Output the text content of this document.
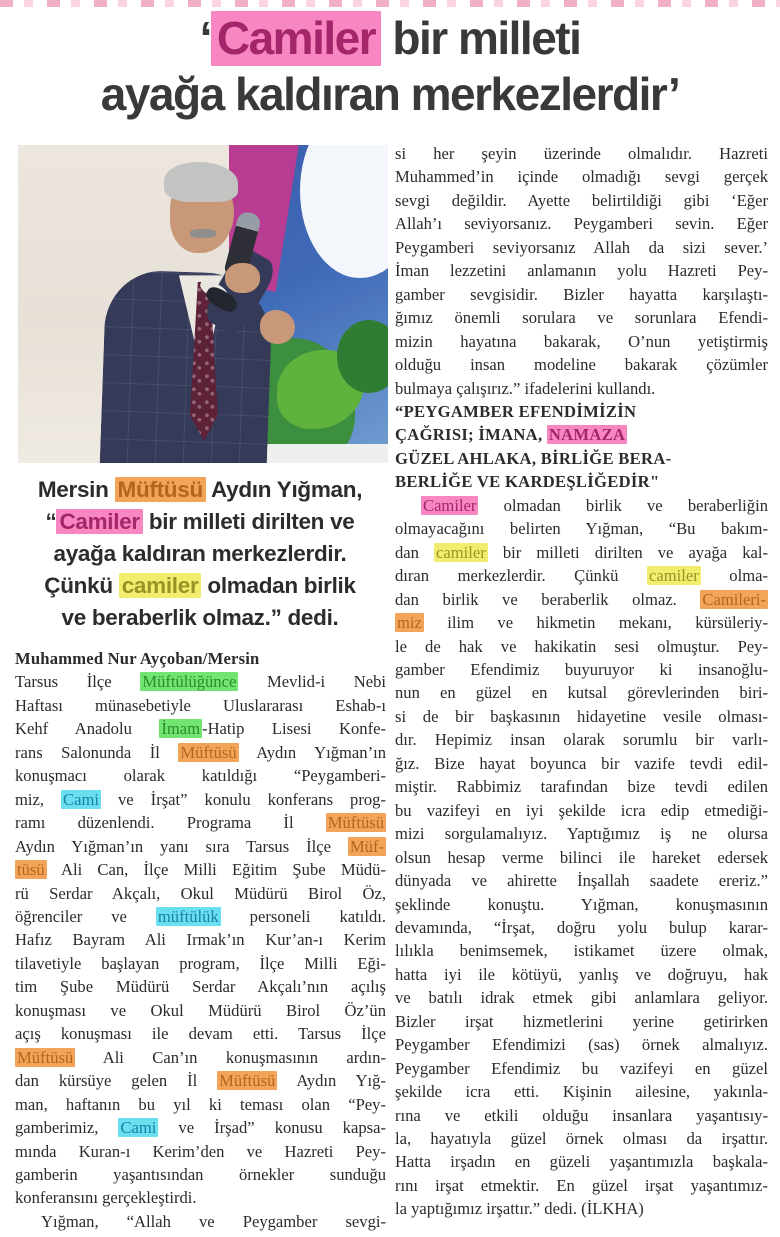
‘ Camiler bir milleti
ayağa kaldıran merkezlerdir’
Mersin Müftüsü Aydın Yığman,
“ Camiler bir milleti dirilten ve
ayağa kaldıran merkezlerdir.
Çünkü camiler olmadan birlik
ve beraberlik olmaz.” dedi.
Muhammed Nur Ayçoban/Mersin
Tarsus İlçe Müftülüğünce Mevlid-i Nebi
Haftası münasebetiyle Uluslararası Eshab-ı
Kehf Anadolu İmam -Hatip Lisesi Konfe-
rans Salonunda İl Müftüsü Aydın Yığman’ın
konuşmacı olarak katıldığı “Peygamberi-
miz, Cami ve İrşat” konulu konferans prog-
ramı düzenlendi. Programa İl Müftüsü
Aydın Yığman’ın yanı sıra Tarsus İlçe Müf-
tüsü Ali Can, İlçe Milli Eğitim Şube Müdü-
rü Serdar Akçalı, Okul Müdürü Birol Öz,
öğrenciler ve müftülük personeli katıldı.
Hafız Bayram Ali Irmak’ın Kur’an-ı Kerim
tilavetiyle başlayan program, İlçe Milli Eği-
tim Şube Müdürü Serdar Akçalı’nın açılış
konuşması ve Okul Müdürü Birol Öz’ün
açış konuşması ile devam etti. Tarsus İlçe
Müftüsü Ali Can’ın konuşmasının ardın-
dan kürsüye gelen İl Müftüsü Aydın Yığ-
man, haftanın bu yıl ki teması olan “Pey-
gamberimiz, Cami ve İrşad” konusu kapsa-
mında Kuran-ı Kerim’den ve Hazreti Pey-
gamberin yaşantısından örnekler sunduğu
konferansını gerçekleştirdi.
Yığman, “Allah ve Peygamber sevgi-
si her şeyin üzerinde olmalıdır. Hazreti
Muhammed’in içinde olmadığı sevgi gerçek
sevgi değildir. Ayette belirtildiği gibi ‘Eğer
Allah’ı seviyorsanız. Peygamberi sevin. Eğer
Peygamberi seviyorsanız Allah da sizi sever.’
İman lezzetini anlamanın yolu Hazreti Pey-
gamber sevgisidir. Bizler hayatta karşılaştı-
ğımız önemli sorulara ve sorunlara Efendi-
mizin hayatına bakarak, O’nun yetiştirmiş
olduğu insan modeline bakarak çözümler
bulmaya çalışırız.” ifadelerini kullandı.
“PEYGAMBER EFENDİMİZİN
ÇAĞRISI; İMANA, NAMAZA
GÜZEL AHLAKA, BİRLİĞE BERA-
BERLİĞE VE KARDEŞLİĞEDİR"
Camiler olmadan birlik ve beraberliğin
olmayacağını belirten Yığman, “Bu bakım-
dan camiler bir milleti dirilten ve ayağa kal-
dıran merkezlerdir. Çünkü camiler olma-
dan birlik ve beraberlik olmaz. Camileri-
miz ilim ve hikmetin mekanı, kürsüleriy-
le de hak ve hakikatin sesi olmuştur. Pey-
gamber Efendimiz buyuruyor ki insanoğlu-
nun en güzel en kutsal görevlerinden biri-
si de bir başkasının hidayetine vesile olması-
dır. Hepimiz insan olarak sorumlu bir varlı-
ğız. Bize hayat boyunca bir vazife tevdi edil-
miştir. Rabbimiz tarafından bize tevdi edilen
bu vazifeyi en iyi şekilde icra edip etmediği-
mizi sorgulamalıyız. Yaptığımız iş ne olursa
olsun hesap verme bilinci ile hareket edersek
dünyada ve ahirette İnşallah saadete ereriz.”
şeklinde konuştu. Yığman, konuşmasının
devamında, “İrşat, doğru yolu bulup karar-
lılıkla benimsemek, istikamet üzere olmak,
hatta iyi ile kötüyü, yanlış ve doğruyu, hak
ve batılı idrak etmek gibi anlamlara geliyor.
Bizler irşat hizmetlerini yerine getirirken
Peygamber Efendimizi (sas) örnek almalıyız.
Peygamber Efendimiz bu vazifeyi en güzel
şekilde icra etti. Kişinin ailesine, yakınla-
rına ve etkili olduğu insanlara yaşantısıy-
la, hayatıyla güzel örnek olması da irşattır.
Hatta irşadın en güzeli yaşantımızla başkala-
rını irşat etmektir. En güzel irşat yaşantımız-
la yaptığımız irşattır.” dedi. (İLKHA)
